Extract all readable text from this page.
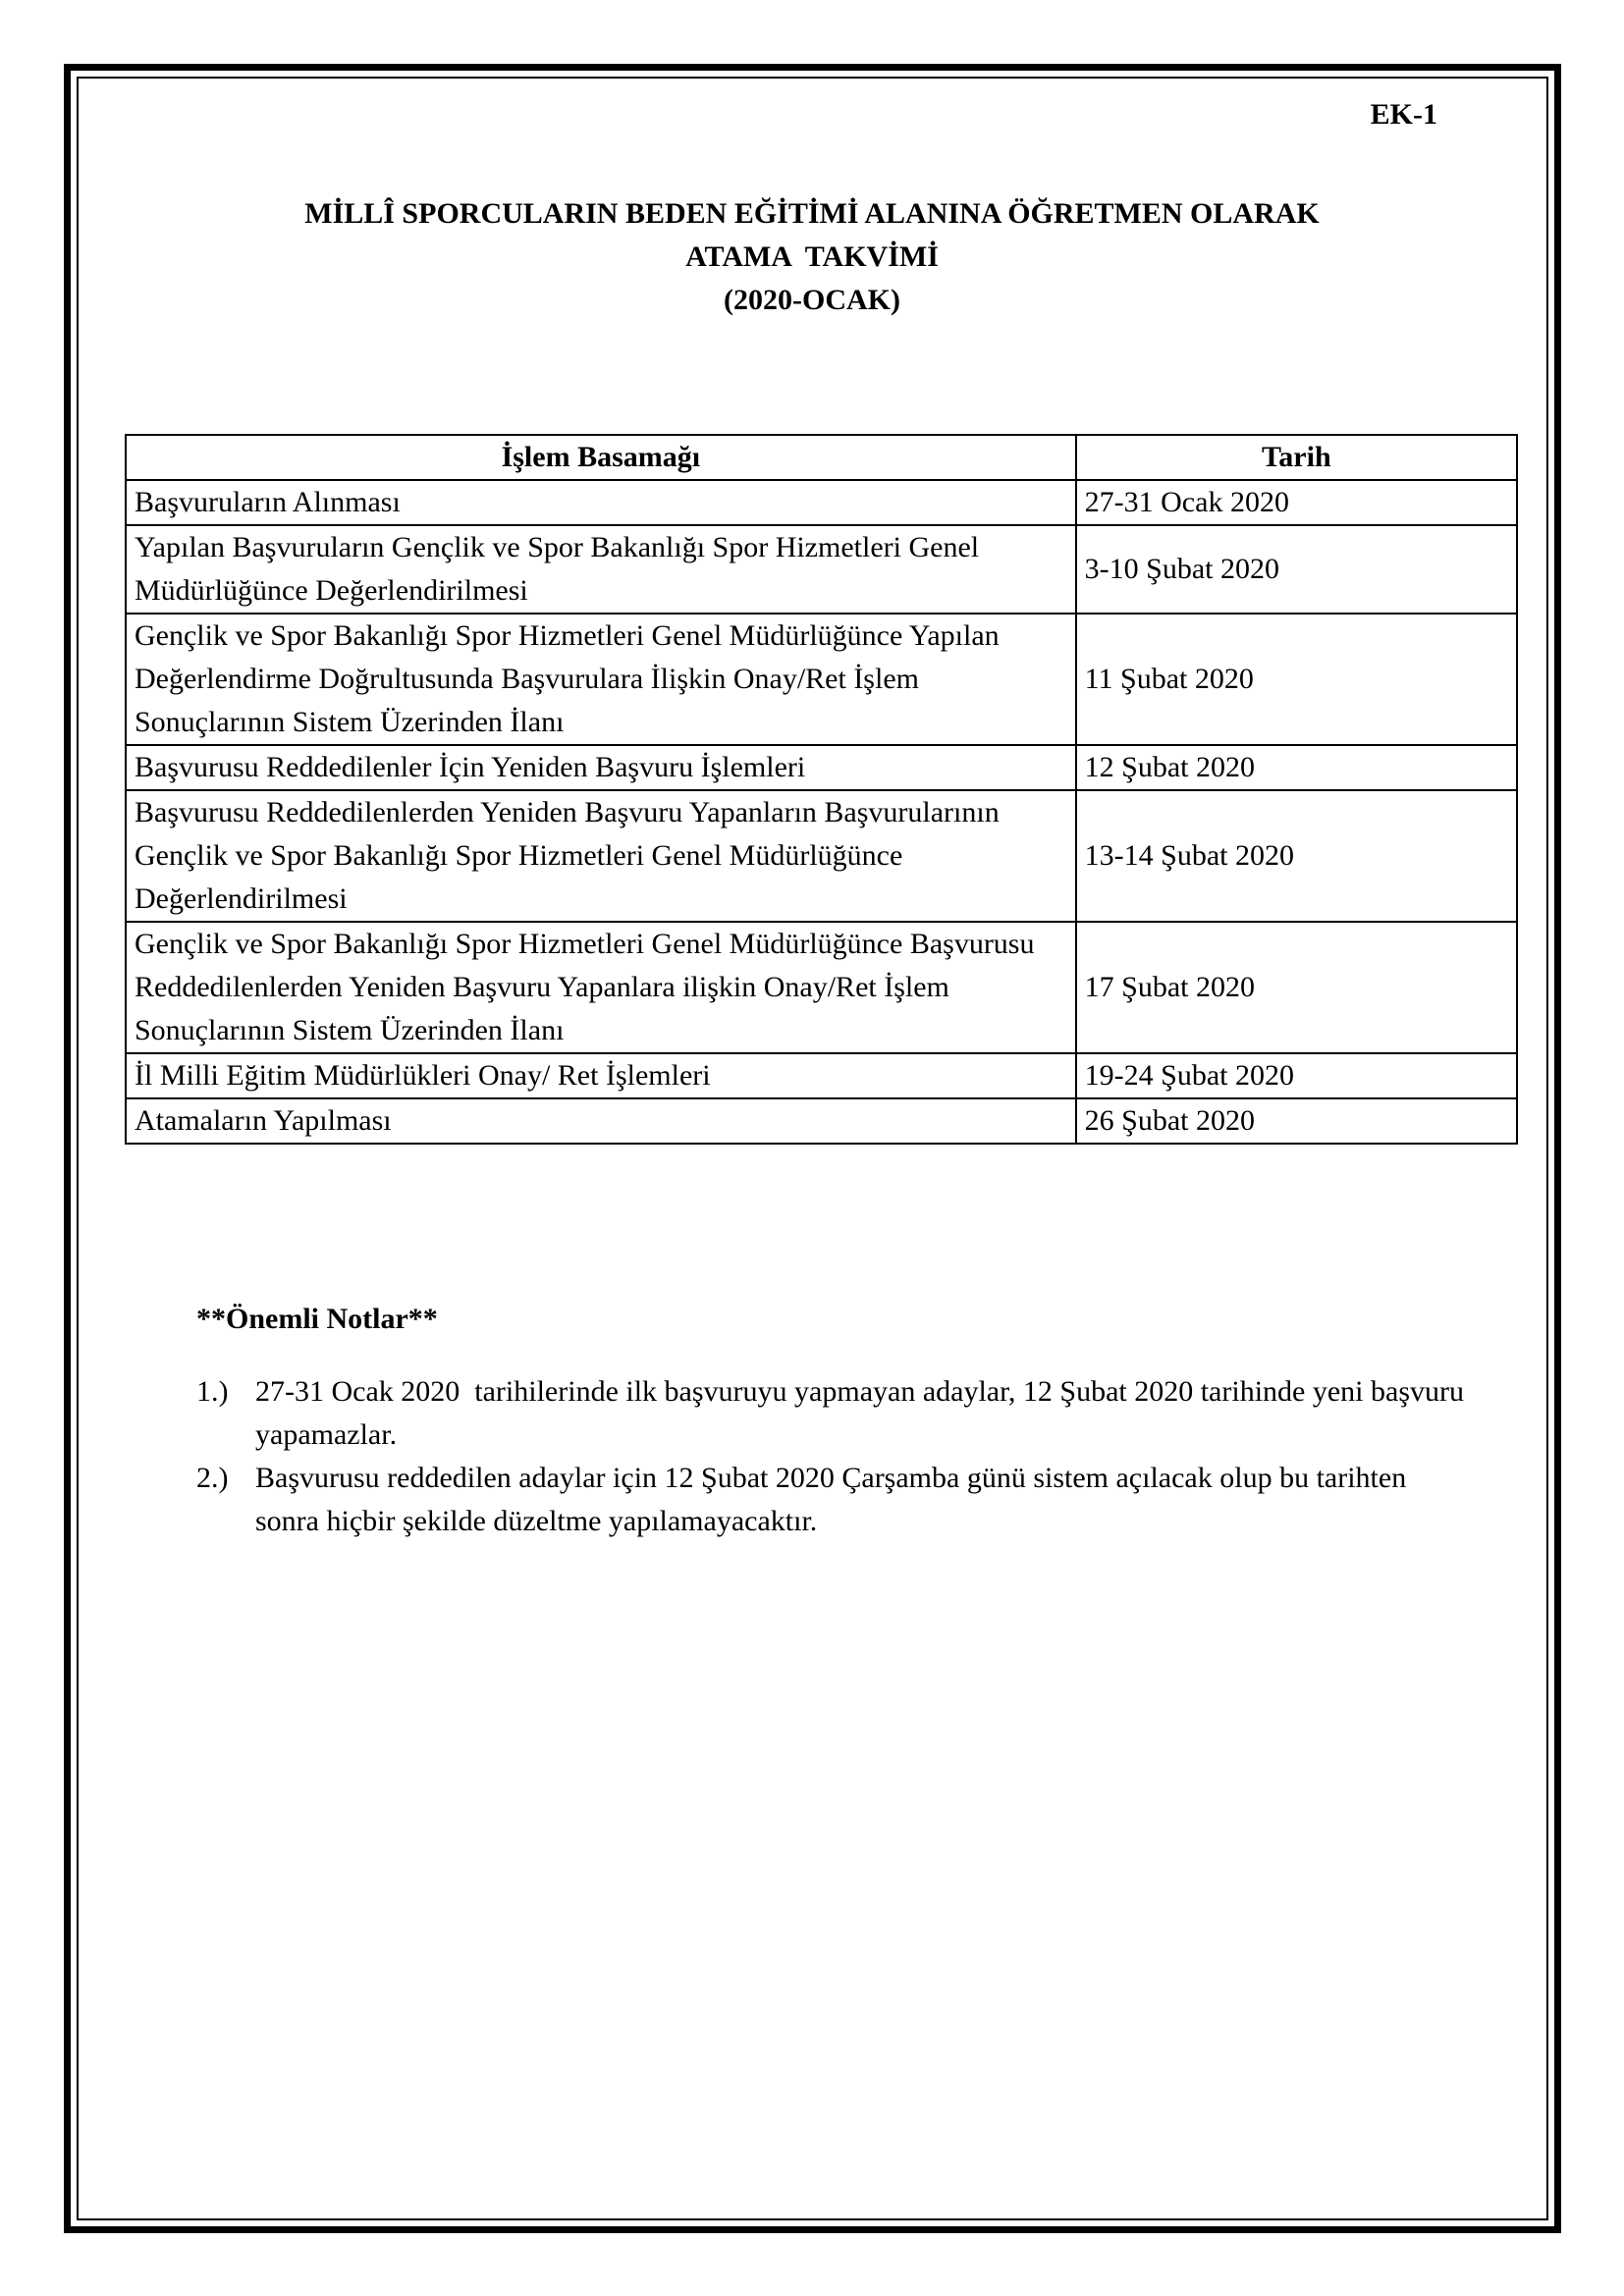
EK-1
MİLLÎ SPORCULARIN BEDEN EĞİTİMİ ALANINA ÖĞRETMEN OLARAK
ATAMA  TAKVİMİ
(2020-OCAK)
İşlem Basamağı	Tarih
Başvuruların Alınması	27-31 Ocak 2020
Yapılan Başvuruların Gençlik ve Spor Bakanlığı Spor Hizmetleri Genel Müdürlüğünce Değerlendirilmesi	3-10 Şubat 2020
Gençlik ve Spor Bakanlığı Spor Hizmetleri Genel Müdürlüğünce Yapılan Değerlendirme Doğrultusunda Başvurulara İlişkin Onay/Ret İşlem Sonuçlarının Sistem Üzerinden İlanı	11 Şubat 2020
Başvurusu Reddedilenler İçin Yeniden Başvuru İşlemleri	12 Şubat 2020
Başvurusu Reddedilenlerden Yeniden Başvuru Yapanların Başvurularının Gençlik ve Spor Bakanlığı Spor Hizmetleri Genel Müdürlüğünce Değerlendirilmesi	13-14 Şubat 2020
Gençlik ve Spor Bakanlığı Spor Hizmetleri Genel Müdürlüğünce Başvurusu Reddedilenlerden Yeniden Başvuru Yapanlara ilişkin Onay/Ret İşlem Sonuçlarının Sistem Üzerinden İlanı	17 Şubat 2020
İl Milli Eğitim Müdürlükleri Onay/ Ret İşlemleri	19-24 Şubat 2020
Atamaların Yapılması	26 Şubat 2020
**Önemli Notlar**
1.) 27-31 Ocak 2020  tarihilerinde ilk başvuruyu yapmayan adaylar, 12 Şubat 2020 tarihinde yeni başvuru yapamazlar.
2.) Başvurusu reddedilen adaylar için 12 Şubat 2020 Çarşamba günü sistem açılacak olup bu tarihten sonra hiçbir şekilde düzeltme yapılamayacaktır.
